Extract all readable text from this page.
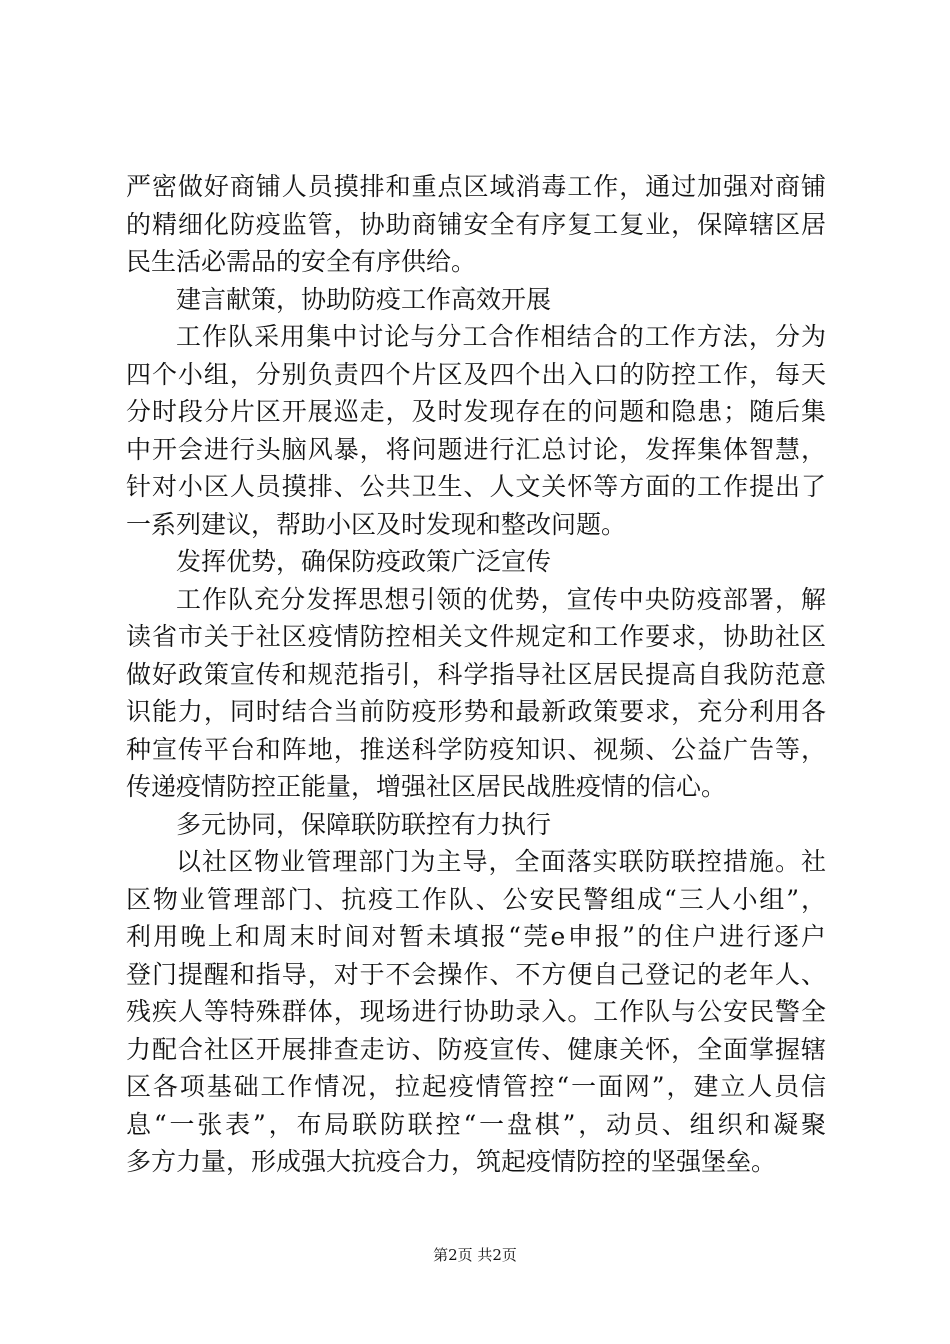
严密做好商铺人员摸排和重点区域消毒工作，通过加强对商铺
的精细化防疫监管，协助商铺安全有序复工复业，保障辖区居
民生活必需品的安全有序供给。
建言献策，协助防疫工作高效开展
工作队采用集中讨论与分工合作相结合的工作方法，分为
四个小组，分别负责四个片区及四个出入口的防控工作，每天
分时段分片区开展巡走，及时发现存在的问题和隐患；随后集
中开会进行头脑风暴，将问题进行汇总讨论，发挥集体智慧，
针对小区人员摸排、公共卫生、人文关怀等方面的工作提出了
一系列建议，帮助小区及时发现和整改问题。
发挥优势，确保防疫政策广泛宣传
工作队充分发挥思想引领的优势，宣传中央防疫部署，解
读省市关于社区疫情防控相关文件规定和工作要求，协助社区
做好政策宣传和规范指引，科学指导社区居民提高自我防范意
识能力，同时结合当前防疫形势和最新政策要求，充分利用各
种宣传平台和阵地，推送科学防疫知识、视频、公益广告等，
传递疫情防控正能量，增强社区居民战胜疫情的信心。
多元协同，保障联防联控有力执行
以社区物业管理部门为主导，全面落实联防联控措施。社
区物业管理部门、抗疫工作队、公安民警组成“三人小组”，
利用晚上和周末时间对暂未填报“莞e申报”的住户进行逐户
登门提醒和指导，对于不会操作、不方便自己登记的老年人、
残疾人等特殊群体，现场进行协助录入。工作队与公安民警全
力配合社区开展排查走访、防疫宣传、健康关怀，全面掌握辖
区各项基础工作情况，拉起疫情管控“一面网”，建立人员信
息“一张表”，布局联防联控“一盘棋”，动员、组织和凝聚
多方力量，形成强大抗疫合力，筑起疫情防控的坚强堡垒。
第2页 共2页
